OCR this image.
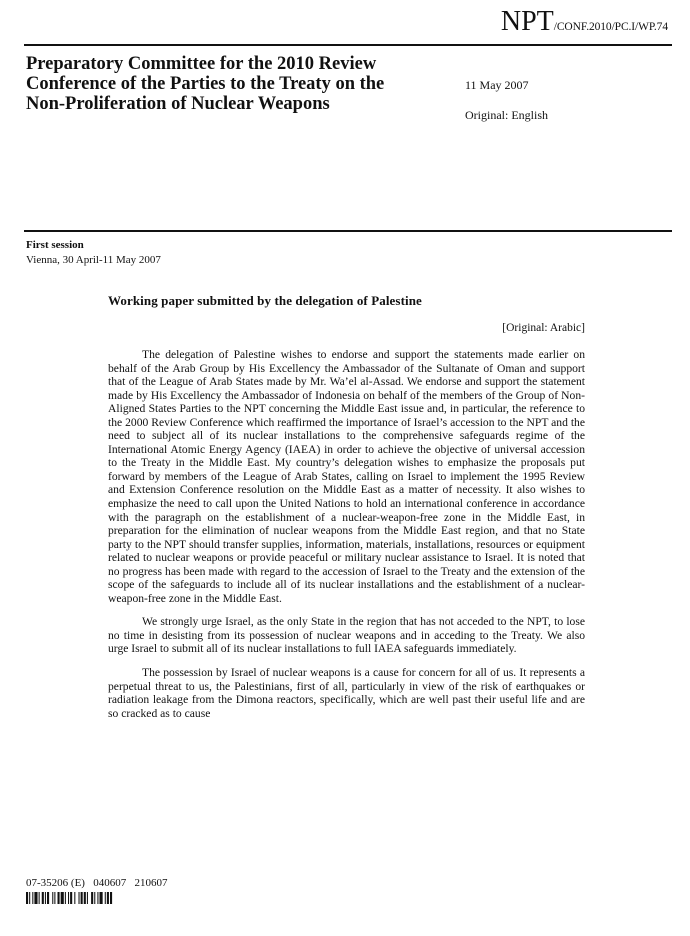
NPT/CONF.2010/PC.I/WP.74
Preparatory Committee for the 2010 Review
Conference of the Parties to the Treaty on the
Non-Proliferation of Nuclear Weapons
11 May 2007
Original: English
First session
Vienna, 30 April-11 May 2007
Working paper submitted by the delegation of Palestine
[Original: Arabic]

The delegation of Palestine wishes to endorse and support the statements made earlier on behalf of the Arab Group by His Excellency the Ambassador of the Sultanate of Oman and support that of the League of Arab States made by Mr. Wa’el al-Assad. We endorse and support the statement made by His Excellency the Ambassador of Indonesia on behalf of the members of the Group of Non-Aligned States Parties to the NPT concerning the Middle East issue and, in particular, the reference to the 2000 Review Conference which reaffirmed the importance of Israel’s accession to the NPT and the need to subject all of its nuclear installations to the comprehensive safeguards regime of the International Atomic Energy Agency (IAEA) in order to achieve the objective of universal accession to the Treaty in the Middle East. My country’s delegation wishes to emphasize the proposals put forward by members of the League of Arab States, calling on Israel to implement the 1995 Review and Extension Conference resolution on the Middle East as a matter of necessity. It also wishes to emphasize the need to call upon the United Nations to hold an international conference in accordance with the paragraph on the establishment of a nuclear-weapon-free zone in the Middle East, in preparation for the elimination of nuclear weapons from the Middle East region, and that no State party to the NPT should transfer supplies, information, materials, installations, resources or equipment related to nuclear weapons or provide peaceful or military nuclear assistance to Israel. It is noted that no progress has been made with regard to the accession of Israel to the Treaty and the extension of the scope of the safeguards to include all of its nuclear installations and the establishment of a nuclear-weapon-free zone in the Middle East.

We strongly urge Israel, as the only State in the region that has not acceded to the NPT, to lose no time in desisting from its possession of nuclear weapons and in acceding to the Treaty. We also urge Israel to submit all of its nuclear installations to full IAEA safeguards immediately.

The possession by Israel of nuclear weapons is a cause for concern for all of us. It represents a perpetual threat to us, the Palestinians, first of all, particularly in view of the risk of earthquakes or radiation leakage from the Dimona reactors, specifically, which are well past their useful life and are so cracked as to cause

07-35206 (E)   040607   210607
